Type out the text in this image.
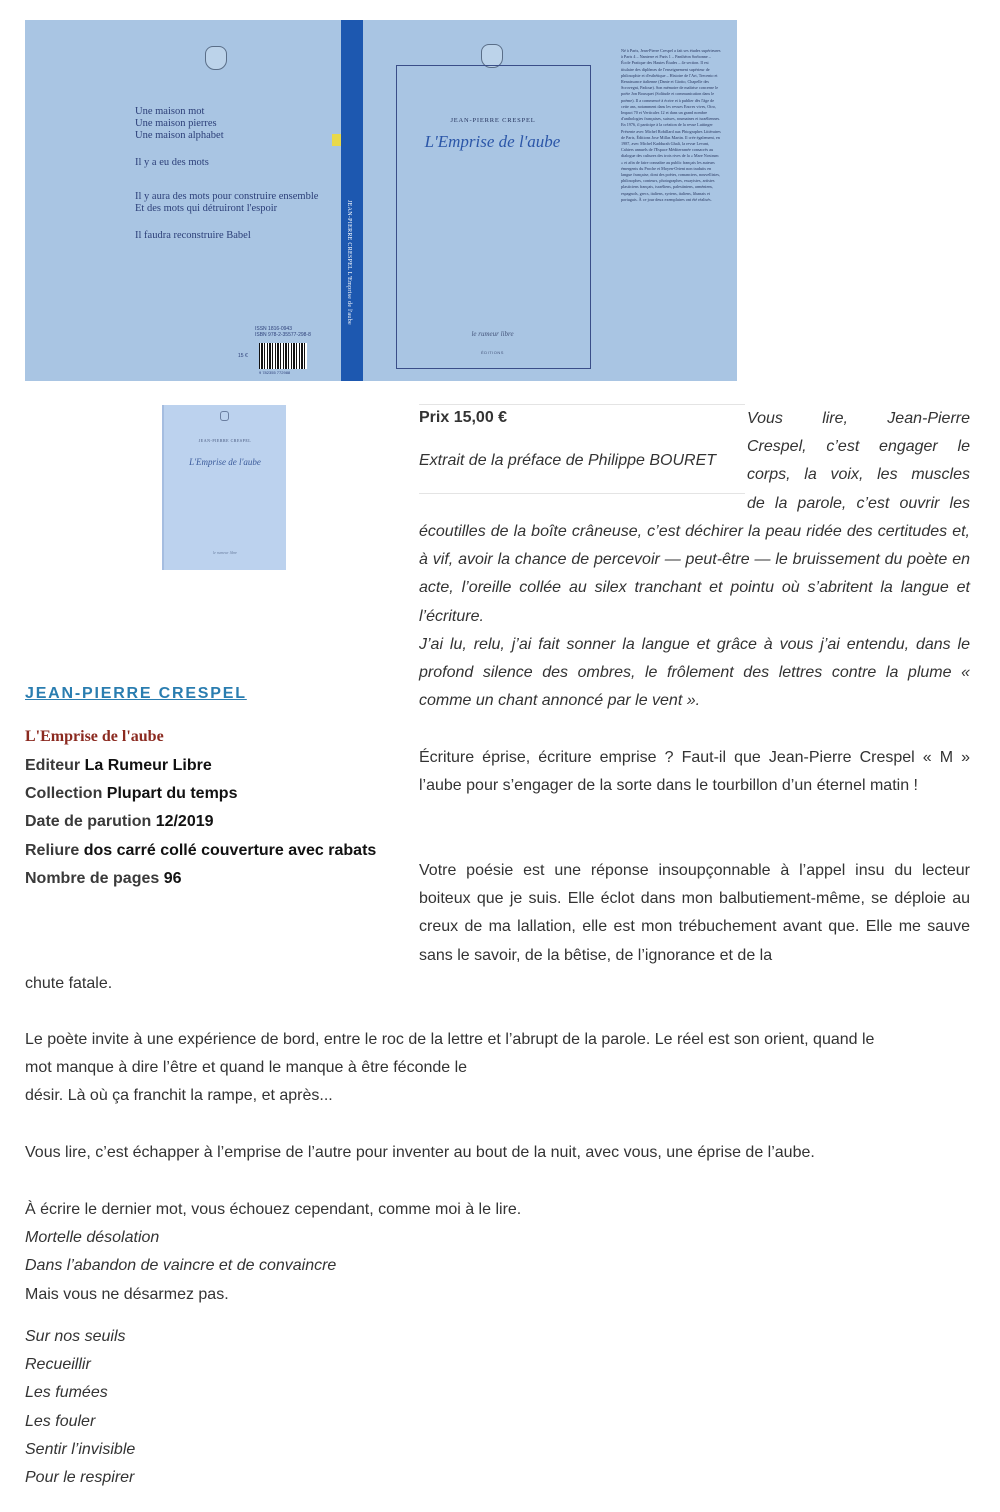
Une maison mot
Une maison pierres
Une maison alphabet

Il y a eu des mots

Il y aura des mots pour construire ensemble
Et des mots qui détruiront l'espoir

Il faudra reconstruire Babel

ISSN 1816-0943
ISBN 978-2-35577-298-8
15 €
9 782355 772988
JEAN-PIERRE CRESPEL L'Emprise de l'aube
JEAN-PIERRE CRESPEL
L'Emprise de l'aube
le rumeur libre
ÉDITIONS
Né à Paris, Jean-Pierre Crespel a fait ses études supérieures à Paris 4 – Nanterre et Paris 1 – Panthéon Sorbonne – École Pratique des Hautes Études – 4e section. Il est titulaire des diplômes de l'enseignement supérieur de philosophie et d'esthétique – Histoire de l'Art, Trecento et Renaissance italienne (Dante et Giotto, Chapelle des Scrovegni, Padoue). Son mémoire de maîtrise concerne le poète Jon Bousquet (Solitude et communication dans le poème). Il a commencé à écrire et à publier dès l'âge de cette ans, notamment dans les revues Encres vives, Oiro, Impact 70 et Verticales 12 et dans un grand nombre d'anthologies françaises, suisses, roumaines et israéliennes. En 1976, il participe à la création de la revue Luttinger Présente avec Michel Robillard aux Phtographes Littéraires de Paris, Éditions Jose Millas Martin. Il crée également, en 1987, avec Michel Kaddurah Ghali, la revue Levant, Cahiers annuels de l'Espace Méditerranée consacrés au dialogue des cultures des trois rives de la « Mare Nostrum » et afin de faire connaître au public français les auteurs émergents du Proche et Moyen-Orient non traduits en langue française, dont des poètes, romanciers, nouvellistes, philosophes, conteurs, photographes, essayistes, artistes plasticiens français, israéliens, palestiniens, arméniens, espagnols, grecs, italiens, syriens, italiens, libanais et portugais. À ce jour deux exemplaires ont été réalisés.
JEAN-PIERRE CRESPEL
L'Emprise de l'aube
le rumeur libre
Prix 15,00 €
Extrait de la préface de Philippe BOURET
Vous lire, Jean-Pierre
Crespel, c’est engager le
corps, la voix, les muscles
de la parole, c’est ouvrir les
écoutilles de la boîte crâneuse, c’est déchirer la peau ridée des certitudes et, à vif, avoir la chance de percevoir — peut-être — le bruissement du poète en acte, l’oreille collée au silex tranchant et pointu où s’abritent la langue et l’écriture.
J’ai lu, relu, j’ai fait sonner la langue et grâce à vous j’ai entendu, dans le profond silence des ombres, le frôlement des lettres contre la plume « comme un chant annoncé par le vent ».
Écriture éprise, écriture emprise ? Faut-il que Jean-Pierre Crespel « M » l’aube pour s’engager de la sorte dans le tourbillon d’un éternel matin !
Votre poésie est une réponse insoupçonnable à l’appel insu du lecteur boiteux que je suis. Elle éclot dans mon balbutiement-même, se déploie au creux de ma lallation, elle est mon trébuchement avant que. Elle me sauve sans le savoir, de la bêtise, de l’ignorance et de la
JEAN-PIERRE CRESPEL
L'Emprise de l'aube
Editeur La Rumeur Libre
Collection Plupart du temps
Date de parution 12/2019
Reliure dos carré collé couverture avec rabats
Nombre de pages 96
chute fatale.
Le poète invite à une expérience de bord, entre le roc de la lettre et l’abrupt de la parole. Le réel est son orient, quand le
mot manque à dire l’être et quand le manque à être féconde le
désir. Là où ça franchit la rampe, et après...
Vous lire, c’est échapper à l’emprise de l’autre pour inventer au bout de la nuit, avec vous, une éprise de l’aube.
À écrire le dernier mot, vous échouez cependant, comme moi à le lire.
Mortelle désolation
Dans l’abandon de vaincre et de convaincre
Mais vous ne désarmez pas.
Sur nos seuils
Recueillir
Les fumées
Les fouler
Sentir l’invisible
Pour le respirer
